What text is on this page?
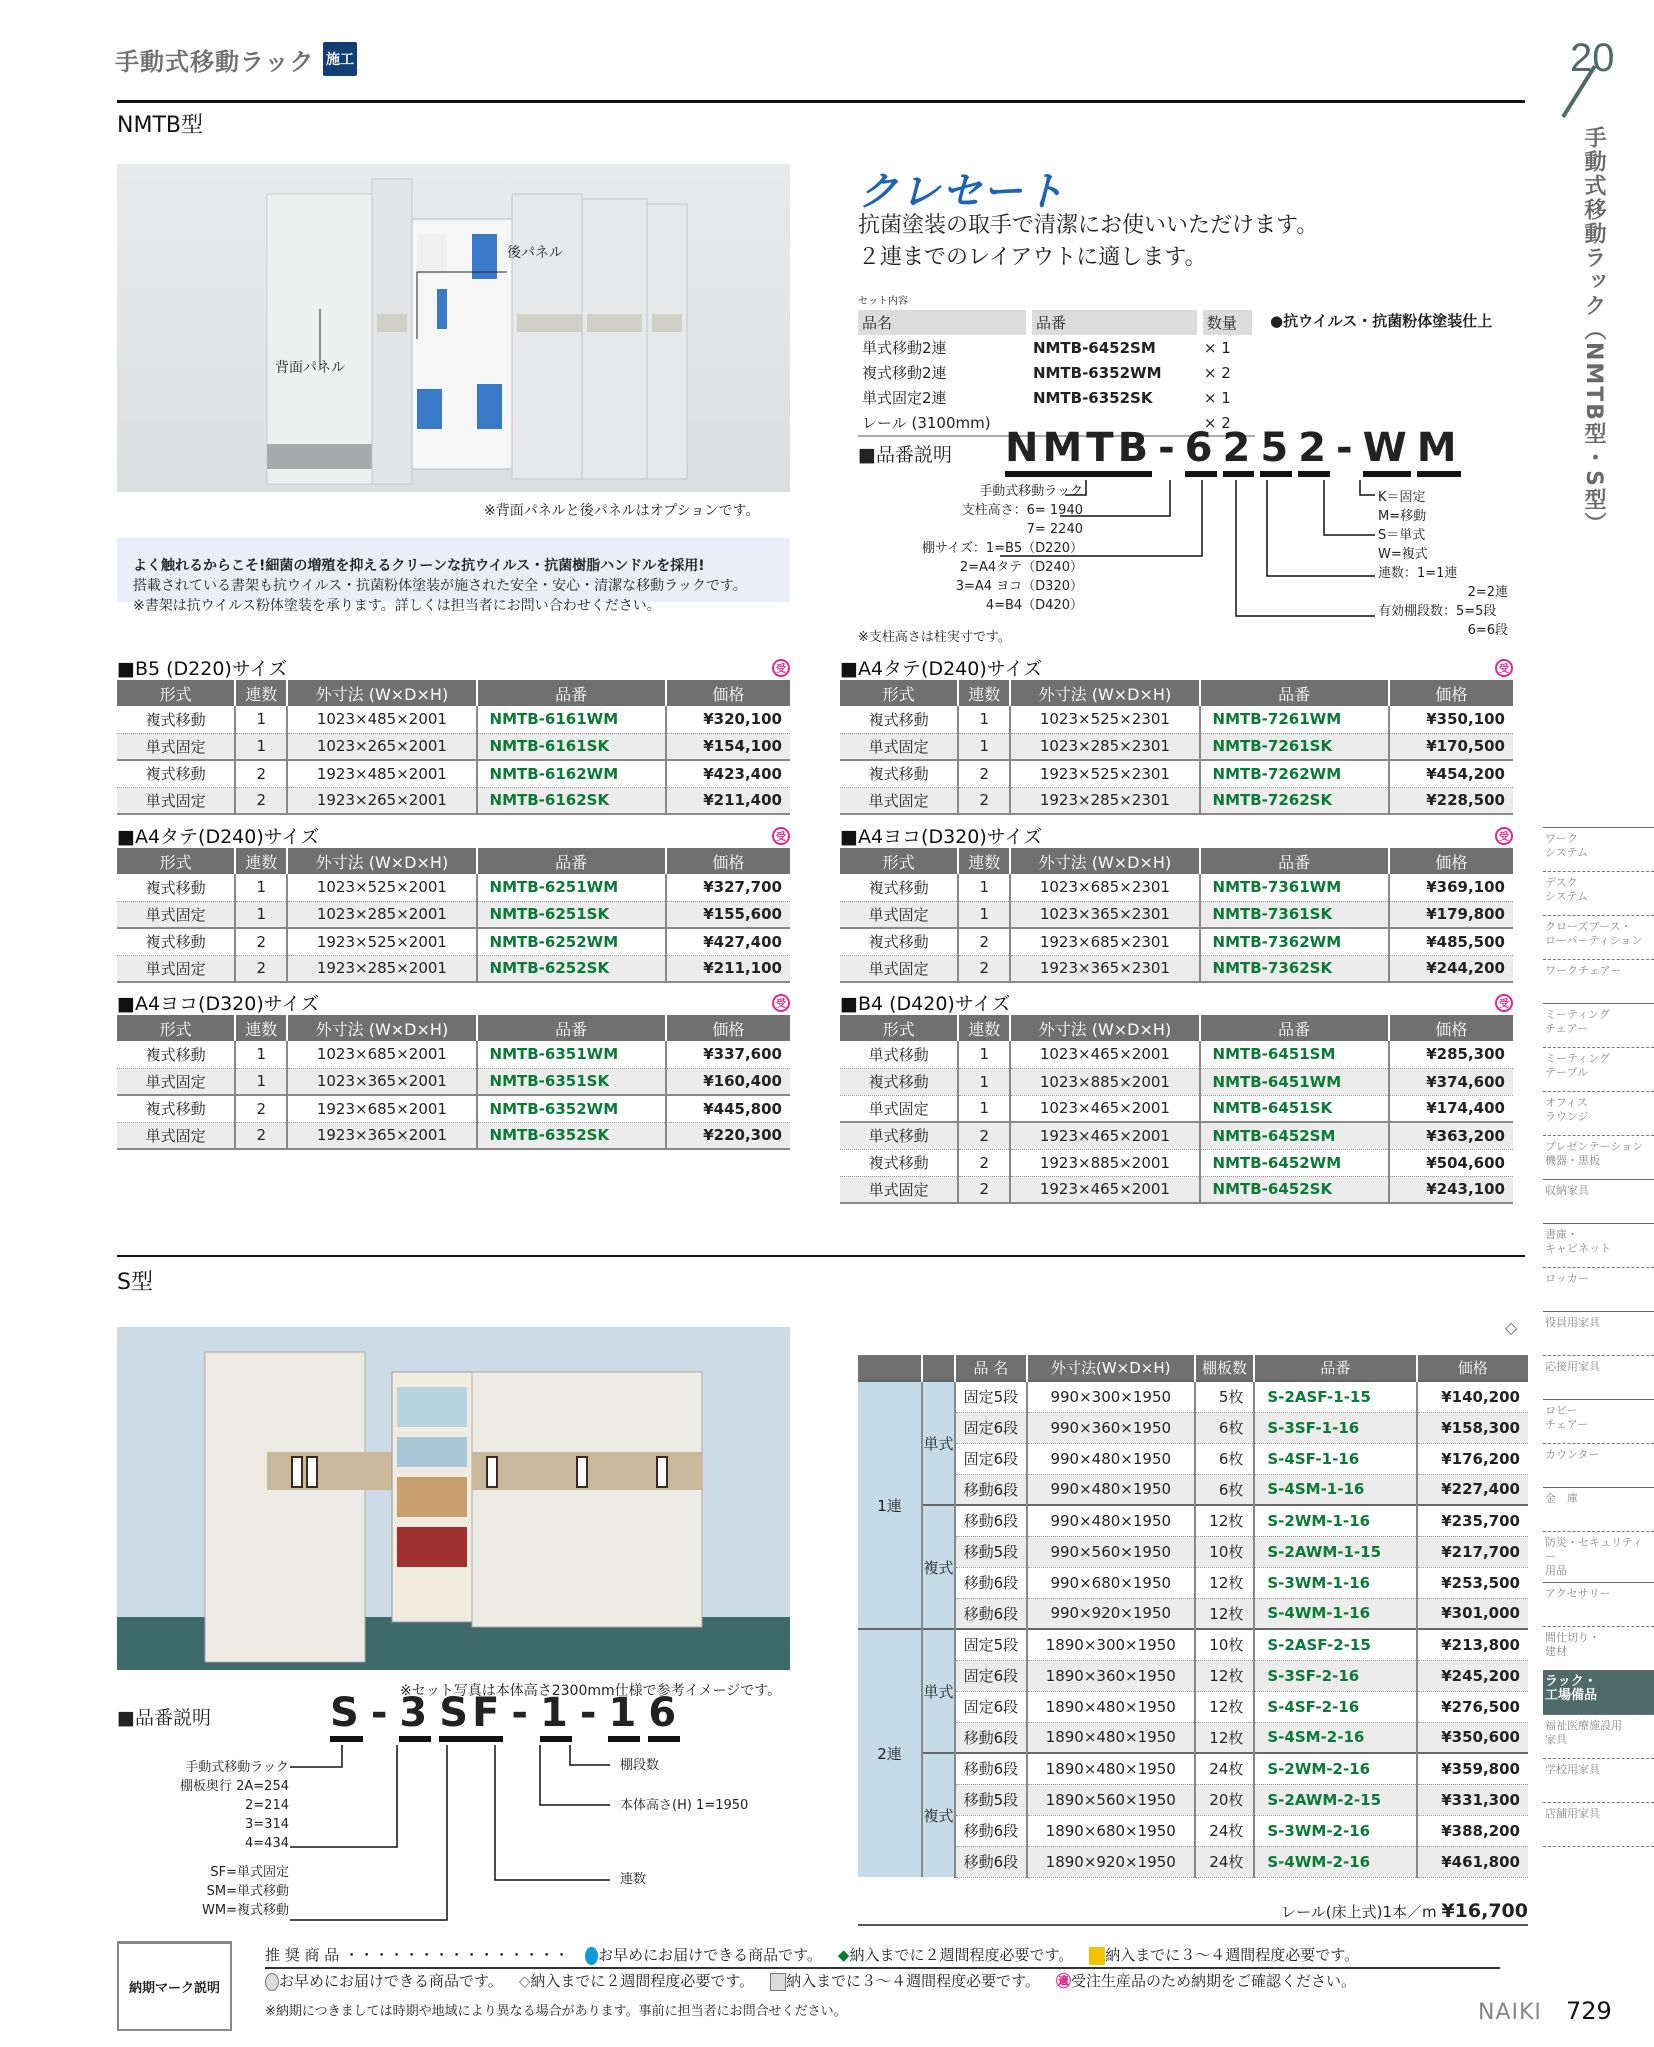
手動式移動ラック 施工
NMTB型
20
手動式移動ラック（NMTB型・S型）
後パネル
背面パネル
※背面パネルと後パネルはオプションです。
よく触れるからこそ!細菌の増殖を抑えるクリーンな抗ウイルス・抗菌樹脂ハンドルを採用!
搭載されている書架も抗ウイルス・抗菌粉体塗装が施された安全・安心・清潔な移動ラックです。
※書架は抗ウイルス粉体塗装を承ります。詳しくは担当者にお問い合わせください。
クレセート
抗菌塗装の取手で清潔にお使いいただけます。
２連までのレイアウトに適します。
セット内容
品名	品番	数量
単式移動2連	NMTB-6452SM	× 1
複式移動2連	NMTB-6352WM	× 2
単式固定2連	NMTB-6352SK	× 1
レール (3100mm)		× 2
●抗ウイルス・抗菌粉体塗装仕上
■品番説明 NMTB - 6 2 5 2 - W M
手動式移動ラック
支柱高さ：6= 1940
7= 2240
棚サイズ：1=B5（D220）
2=A4タテ（D240）
3=A4 ヨコ（D320）
4=B4（D420）
K＝固定
M=移動
S＝単式
W=複式
連数：1=1連
2=2連
有効棚段数：5=5段
6=6段
※支柱高さは柱実寸です。
■B5 (D220)サイズ	受
形式	連数	外寸法 (W×D×H)	品番	価格
複式移動	1	1023×485×2001	NMTB-6161WM	¥320,100
単式固定	1	1023×265×2001	NMTB-6161SK	¥154,100
複式移動	2	1923×485×2001	NMTB-6162WM	¥423,400
単式固定	2	1923×265×2001	NMTB-6162SK	¥211,400
■A4タテ(D240)サイズ	受
形式	連数	外寸法 (W×D×H)	品番	価格
複式移動	1	1023×525×2001	NMTB-6251WM	¥327,700
単式固定	1	1023×285×2001	NMTB-6251SK	¥155,600
複式移動	2	1923×525×2001	NMTB-6252WM	¥427,400
単式固定	2	1923×285×2001	NMTB-6252SK	¥211,100
■A4ヨコ(D320)サイズ	受
形式	連数	外寸法 (W×D×H)	品番	価格
複式移動	1	1023×685×2001	NMTB-6351WM	¥337,600
単式固定	1	1023×365×2001	NMTB-6351SK	¥160,400
複式移動	2	1923×685×2001	NMTB-6352WM	¥445,800
単式固定	2	1923×365×2001	NMTB-6352SK	¥220,300
■A4タテ(D240)サイズ	受
形式	連数	外寸法 (W×D×H)	品番	価格
複式移動	1	1023×525×2301	NMTB-7261WM	¥350,100
単式固定	1	1023×285×2301	NMTB-7261SK	¥170,500
複式移動	2	1923×525×2301	NMTB-7262WM	¥454,200
単式固定	2	1923×285×2301	NMTB-7262SK	¥228,500
■A4ヨコ(D320)サイズ	受
形式	連数	外寸法 (W×D×H)	品番	価格
複式移動	1	1023×685×2301	NMTB-7361WM	¥369,100
単式固定	1	1023×365×2301	NMTB-7361SK	¥179,800
複式移動	2	1923×685×2301	NMTB-7362WM	¥485,500
単式固定	2	1923×365×2301	NMTB-7362SK	¥244,200
■B4 (D420)サイズ	受
形式	連数	外寸法 (W×D×H)	品番	価格
単式移動	1	1023×465×2001	NMTB-6451SM	¥285,300
複式移動	1	1023×885×2001	NMTB-6451WM	¥374,600
単式固定	1	1023×465×2001	NMTB-6451SK	¥174,400
単式移動	2	1923×465×2001	NMTB-6452SM	¥363,200
複式移動	2	1923×885×2001	NMTB-6452WM	¥504,600
単式固定	2	1923×465×2001	NMTB-6452SK	¥243,100
S型
※セット写真は本体高さ2300mm仕様で参考イメージです。
■品番説明	S - 3 SF - 1 - 1 6
手動式移動ラック
棚板奥行 2A=254
2=214
3=314
4=434
SF=単式固定
SM=単式移動
WM=複式移動
棚段数
本体高さ(H) 1=1950
連数
◇
		品 名	外寸法(W×D×H)	棚板数	品番	価格
1連	単式	固定5段	990×300×1950	5枚	S-2ASF-1-15	¥140,200
		固定6段	990×360×1950	6枚	S-3SF-1-16	¥158,300
		固定6段	990×480×1950	6枚	S-4SF-1-16	¥176,200
		移動6段	990×480×1950	6枚	S-4SM-1-16	¥227,400
	複式	移動6段	990×480×1950	12枚	S-2WM-1-16	¥235,700
		移動5段	990×560×1950	10枚	S-2AWM-1-15	¥217,700
		移動6段	990×680×1950	12枚	S-3WM-1-16	¥253,500
		移動6段	990×920×1950	12枚	S-4WM-1-16	¥301,000
2連	単式	固定5段	1890×300×1950	10枚	S-2ASF-2-15	¥213,800
		固定6段	1890×360×1950	12枚	S-3SF-2-16	¥245,200
		固定6段	1890×480×1950	12枚	S-4SF-2-16	¥276,500
		移動6段	1890×480×1950	12枚	S-4SM-2-16	¥350,600
	複式	移動6段	1890×480×1950	24枚	S-2WM-2-16	¥359,800
		移動5段	1890×560×1950	20枚	S-2AWM-2-15	¥331,300
		移動6段	1890×680×1950	24枚	S-3WM-2-16	¥388,200
		移動6段	1890×920×1950	24枚	S-4WM-2-16	¥461,800
レール(床上式)1本／m ¥16,700
ワーク
システム
デスク
システム
クローズブース・
ローパーティション
ワークチェアー
ミーティング
チェアー
ミーティング
テーブル
オフィス
ラウンジ
プレゼンテーション
機器・黒板
収納家具
書庫・
キャビネット
ロッカー
役員用家具
応接用家具
ロビー
チェアー
カウンター
金　庫
防災・セキュリティー
用品
アクセサリー
間仕切り・
建材
ラック・
工場備品
福祉医療施設用
家具
学校用家具
店舗用家具
納期マーク説明
推 奨 商 品 ・・・・・・・・・・・・・・・	お早めにお届けできる商品です。 ◆納入までに２週間程度必要です。	納入までに３～４週間程度必要です。
お早めにお届けできる商品です。 ◇納入までに２週間程度必要です。	納入までに３～４週間程度必要です。 ㊜受注生産品のため納期をご確認ください。
※納期につきましては時期や地域により異なる場合があります。事前に担当者にお問合せください。	NAIKI 729
